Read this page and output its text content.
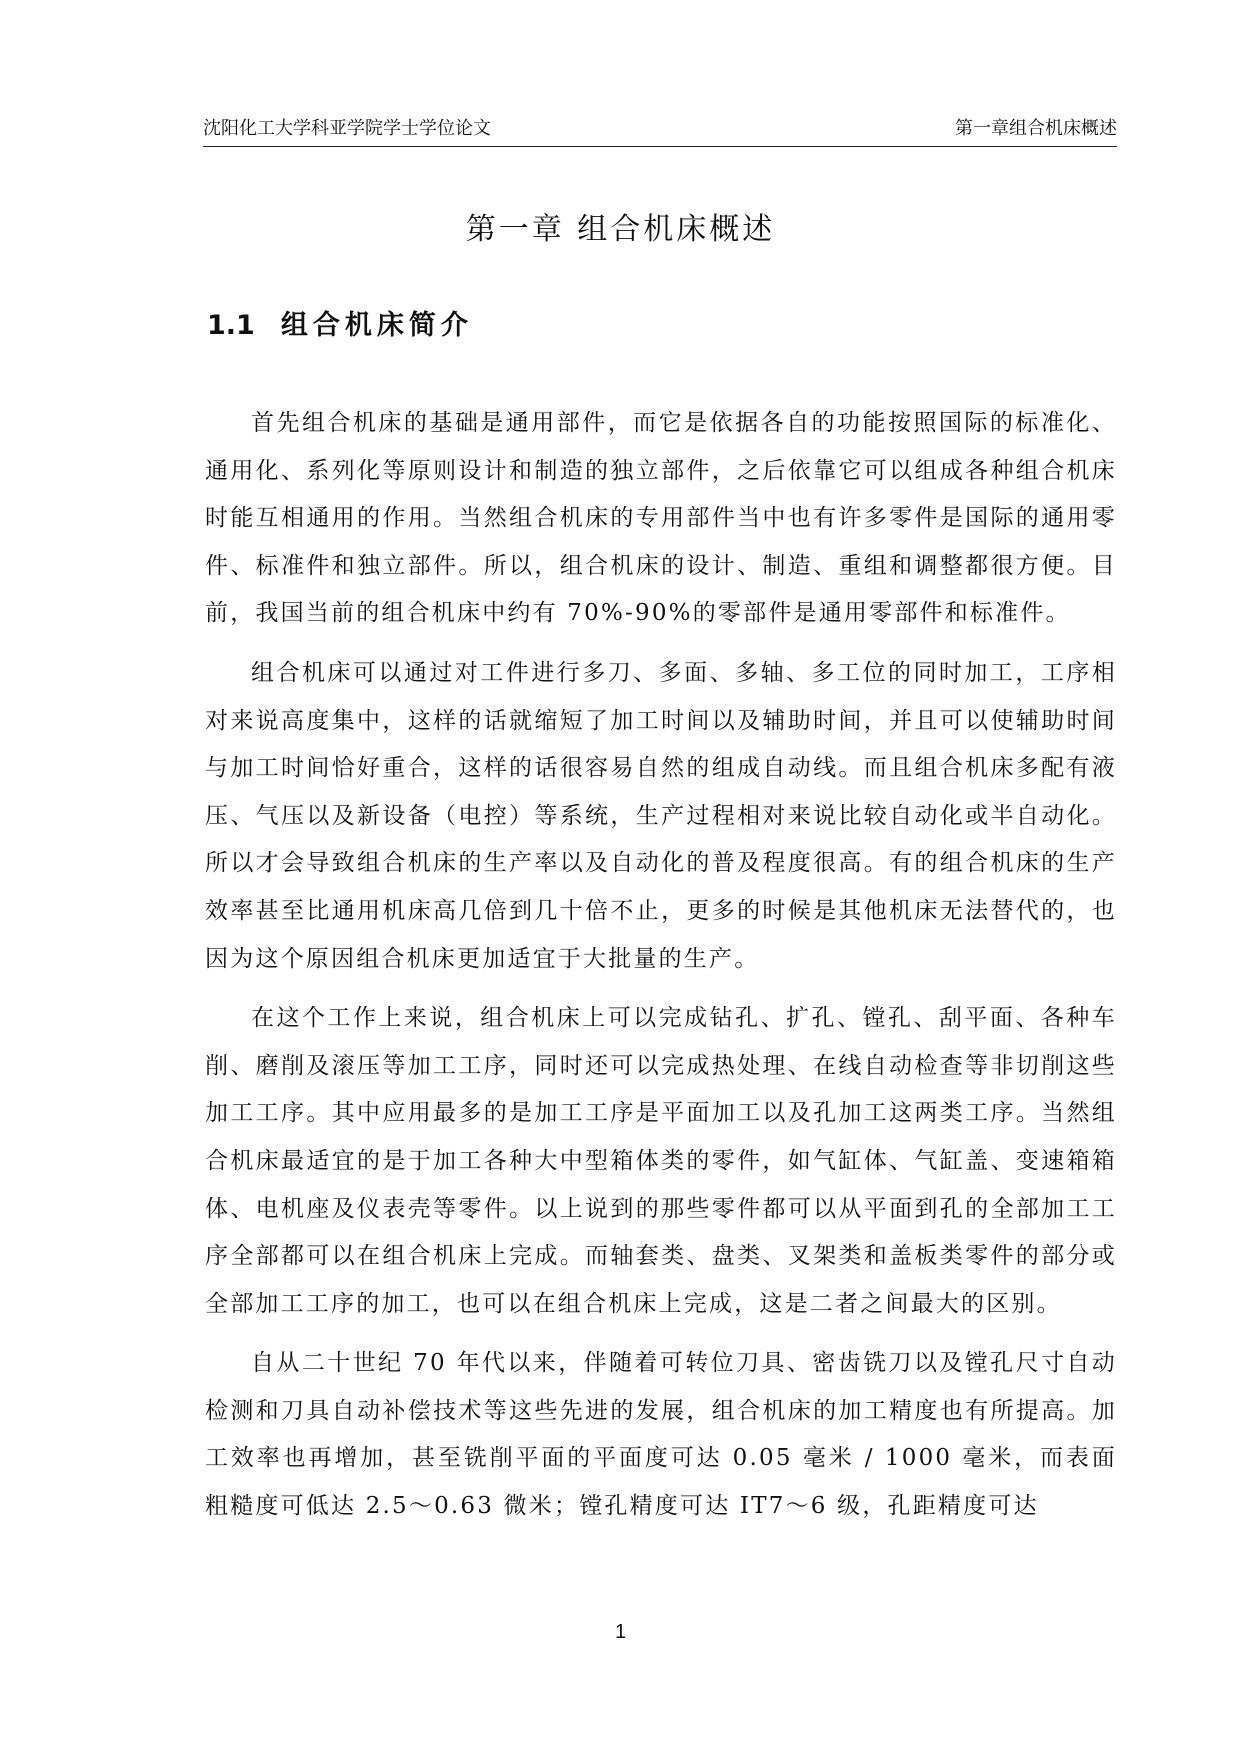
沈阳化工大学科亚学院学士学位论文	第一章组合机床概述
第一章 组合机床概述
1.1 组合机床简介

首先组合机床的基础是通用部件，而它是依据各自的功能按照国际的标准化、通用化、系列化等原则设计和制造的独立部件，之后依靠它可以组成各种组合机床时能互相通用的作用。当然组合机床的专用部件当中也有许多零件是国际的通用零件、标准件和独立部件。所以，组合机床的设计、制造、重组和调整都很方便。目前，我国当前的组合机床中约有 70%-90%的零部件是通用零部件和标准件。

组合机床可以通过对工件进行多刀、多面、多轴、多工位的同时加工，工序相对来说高度集中，这样的话就缩短了加工时间以及辅助时间，并且可以使辅助时间与加工时间恰好重合，这样的话很容易自然的组成自动线。而且组合机床多配有液压、气压以及新设备（电控）等系统，生产过程相对来说比较自动化或半自动化。所以才会导致组合机床的生产率以及自动化的普及程度很高。有的组合机床的生产效率甚至比通用机床高几倍到几十倍不止，更多的时候是其他机床无法替代的，也因为这个原因组合机床更加适宜于大批量的生产。

在这个工作上来说，组合机床上可以完成钻孔、扩孔、镗孔、刮平面、各种车削、磨削及滚压等加工工序，同时还可以完成热处理、在线自动检查等非切削这些加工工序。其中应用最多的是加工工序是平面加工以及孔加工这两类工序。当然组合机床最适宜的是于加工各种大中型箱体类的零件，如气缸体、气缸盖、变速箱箱体、电机座及仪表壳等零件。以上说到的那些零件都可以从平面到孔的全部加工工序全部都可以在组合机床上完成。而轴套类、盘类、叉架类和盖板类零件的部分或全部加工工序的加工，也可以在组合机床上完成，这是二者之间最大的区别。

自从二十世纪 70 年代以来，伴随着可转位刀具、密齿铣刀以及镗孔尺寸自动检测和刀具自动补偿技术等这些先进的发展，组合机床的加工精度也有所提高。加工效率也再增加，甚至铣削平面的平面度可达 0.05 毫米 / 1000 毫米，而表面粗糙度可低达 2.5～0.63 微米；镗孔精度可达 IT7～6 级，孔距精度可达

1
